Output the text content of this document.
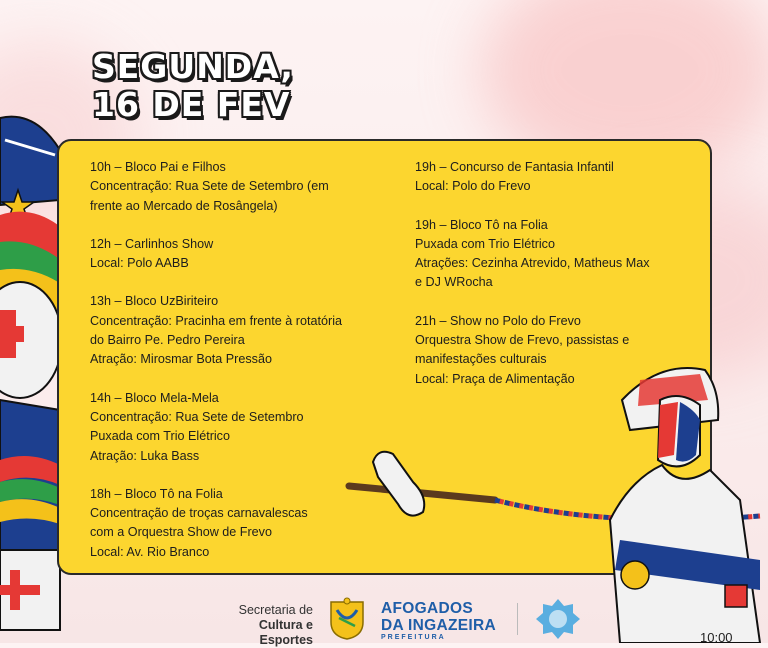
SEGUNDA,
16 DE FEV

10h – Bloco Pai e Filhos

Concentração: Rua Sete de Setembro (em

frente ao Mercado de Rosângela)

12h – Carlinhos Show

Local: Polo AABB

13h – Bloco UzBiriteiro

Concentração: Pracinha em frente à rotatória

do Bairro Pe. Pedro Pereira

Atração: Mirosmar Bota Pressão

14h – Bloco Mela-Mela

Concentração: Rua Sete de Setembro

Puxada com Trio Elétrico

Atração: Luka Bass

18h – Bloco Tô na Folia

Concentração de troças carnavalescas

com a Orquestra Show de Frevo

Local: Av. Rio Branco

19h – Concurso de Fantasia Infantil

Local: Polo do Frevo

19h – Bloco Tô na Folia

Puxada com Trio Elétrico

Atrações: Cezinha Atrevido, Matheus Max

e DJ WRocha

21h – Show no Polo do Frevo

Orquestra Show de Frevo, passistas e

manifestações culturais

Local: Praça de Alimentação

Secretaria de
Cultura e Esportes
AFOGADOS
DA INGAZEIRA
PREFEITURA	10:00
